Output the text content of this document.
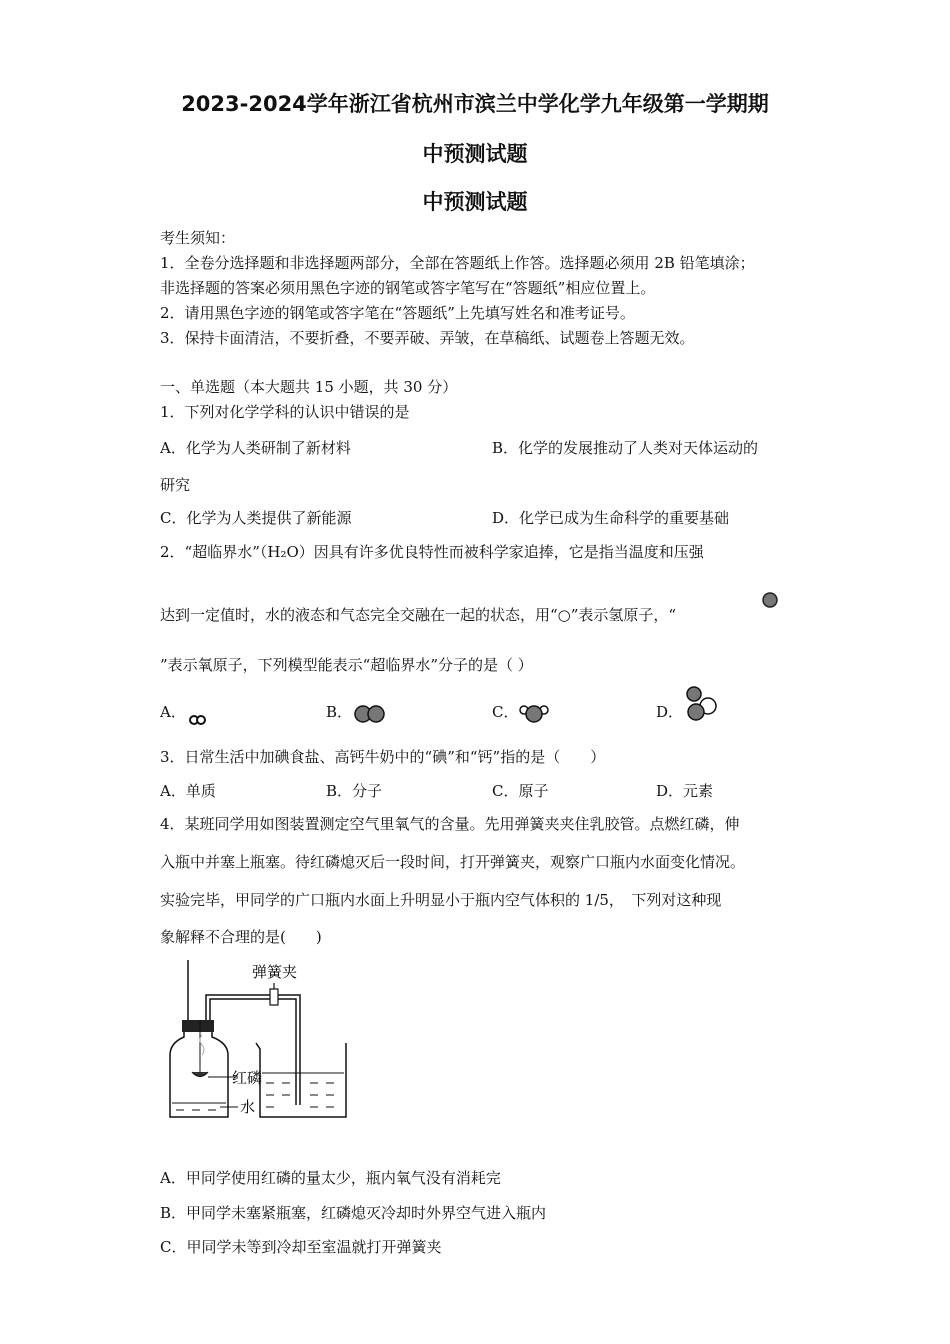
2023-2024学年浙江省杭州市滨兰中学化学九年级第一学期期
中预测试题
中预测试题
考生须知：
1．全卷分选择题和非选择题两部分，全部在答题纸上作答。选择题必须用 2B 铅笔填涂；
非选择题的答案必须用黑色字迹的钢笔或答字笔写在“答题纸”相应位置上。
2．请用黑色字迹的钢笔或答字笔在“答题纸”上先填写姓名和准考证号。
3．保持卡面清洁，不要折叠，不要弄破、弄皱，在草稿纸、试题卷上答题无效。
一、单选题（本大题共 15 小题，共 30 分）
1．下列对化学学科的认识中错误的是
A．化学为人类研制了新材料	B．化学的发展推动了人类对天体运动的
研究
C．化学为人类提供了新能源	D．化学已成为生命科学的重要基础
2．“超临界水”（H₂O）因具有许多优良特性而被科学家追捧，它是指当温度和压强
达到一定值时，水的液态和气态完全交融在一起的状态，用“○”表示氢原子，“
”表示氧原子，下列模型能表示“超临界水”分子的是（ ）
A．	B．	C．	D．
3．日常生活中加碘食盐、高钙牛奶中的“碘”和“钙”指的是（　　）
A．单质	B．分子	C．原子	D．元素
4．某班同学用如图装置测定空气里氧气的含量。先用弹簧夹夹住乳胶管。点燃红磷，伸
入瓶中并塞上瓶塞。待红磷熄灭后一段时间，打开弹簧夹，观察广口瓶内水面变化情况。
实验完毕，甲同学的广口瓶内水面上升明显小于瓶内空气体积的 1/5，　下列对这种现
象解释不合理的是(　　)
弹簧夹
红磷
水
A．甲同学使用红磷的量太少，瓶内氧气没有消耗完
B．甲同学未塞紧瓶塞，红磷熄灭冷却时外界空气进入瓶内
C．甲同学未等到冷却至室温就打开弹簧夹
